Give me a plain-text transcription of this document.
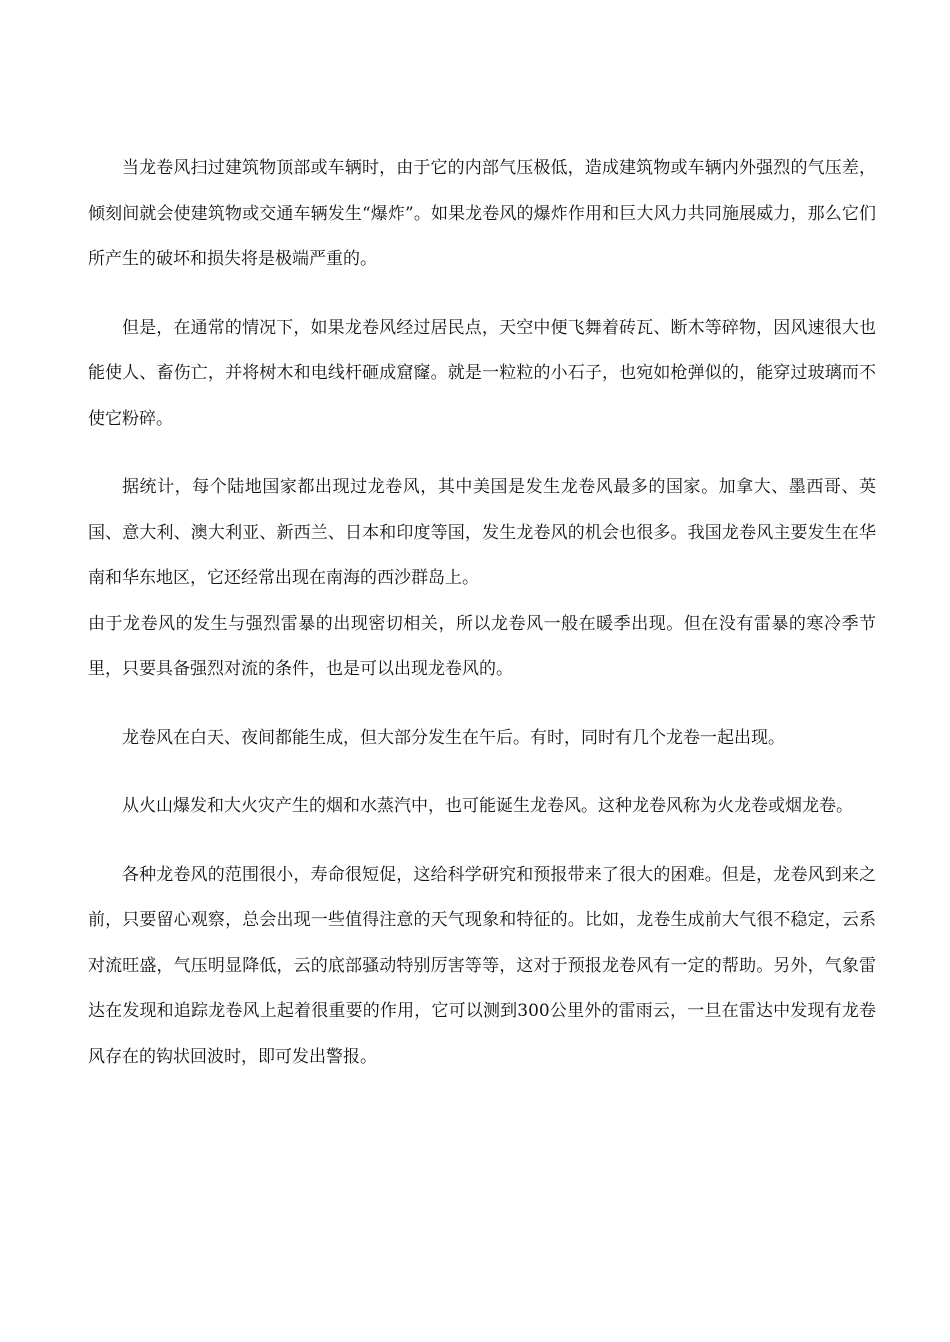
当龙卷风扫过建筑物顶部或车辆时，由于它的内部气压极低，造成建筑物或车辆内外强烈的气压差，倾刻间就会使建筑物或交通车辆发生“爆炸”。如果龙卷风的爆炸作用和巨大风力共同施展威力，那么它们所产生的破坏和损失将是极端严重的。

但是，在通常的情况下，如果龙卷风经过居民点，天空中便飞舞着砖瓦、断木等碎物，因风速很大也能使人、畜伤亡，并将树木和电线杆砸成窟窿。就是一粒粒的小石子，也宛如枪弹似的，能穿过玻璃而不使它粉碎。

据统计，每个陆地国家都出现过龙卷风，其中美国是发生龙卷风最多的国家。加拿大、墨西哥、英国、意大利、澳大利亚、新西兰、日本和印度等国，发生龙卷风的机会也很多。我国龙卷风主要发生在华南和华东地区，它还经常出现在南海的西沙群岛上。

由于龙卷风的发生与强烈雷暴的出现密切相关，所以龙卷风一般在暖季出现。但在没有雷暴的寒冷季节里，只要具备强烈对流的条件，也是可以出现龙卷风的。

龙卷风在白天、夜间都能生成，但大部分发生在午后。有时，同时有几个龙卷一起出现。

从火山爆发和大火灾产生的烟和水蒸汽中，也可能诞生龙卷风。这种龙卷风称为火龙卷或烟龙卷。

各种龙卷风的范围很小，寿命很短促，这给科学研究和预报带来了很大的困难。但是，龙卷风到来之前，只要留心观察，总会出现一些值得注意的天气现象和特征的。比如，龙卷生成前大气很不稳定，云系对流旺盛，气压明显降低，云的底部骚动特别厉害等等，这对于预报龙卷风有一定的帮助。另外，气象雷达在发现和追踪龙卷风上起着很重要的作用，它可以测到300公里外的雷雨云，一旦在雷达中发现有龙卷风存在的钩状回波时，即可发出警报。
